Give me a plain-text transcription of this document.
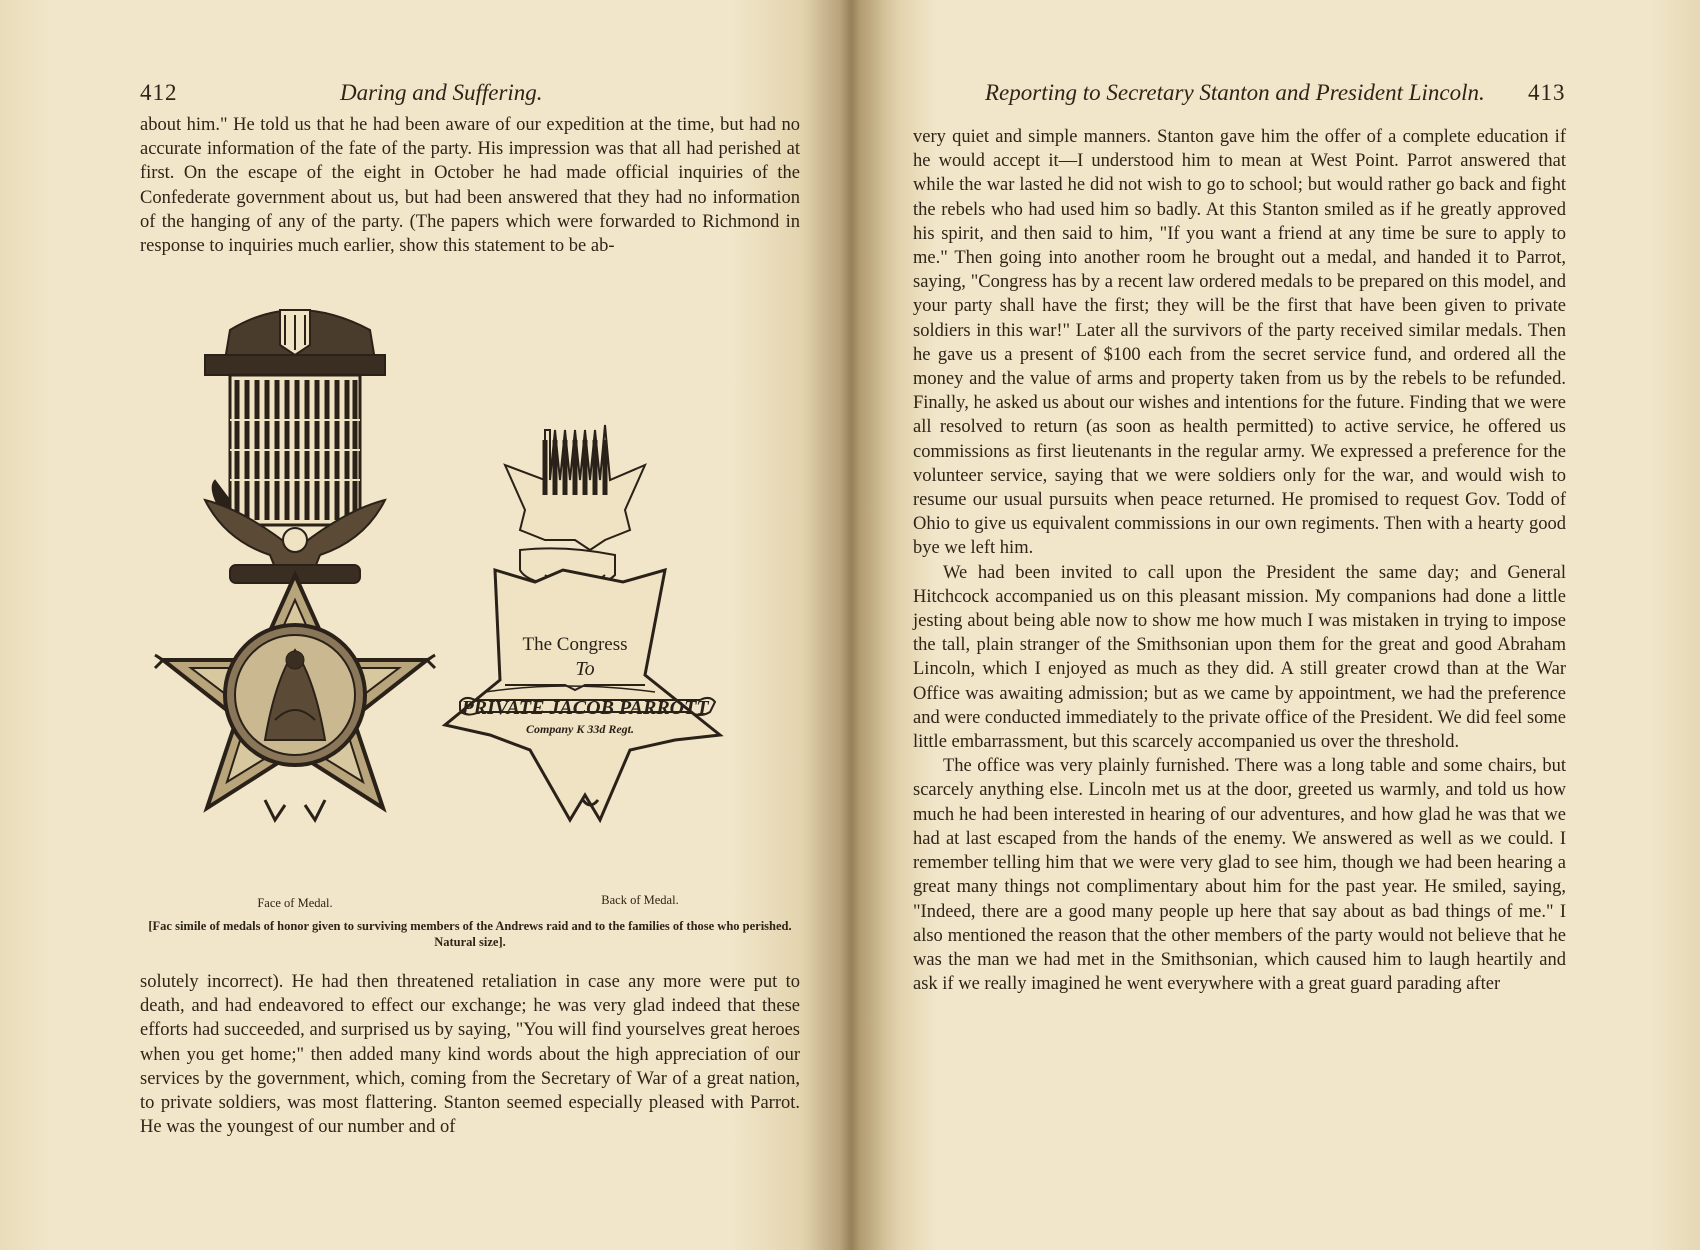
412	Daring and Suffering.

about him." He told us that he had been aware of our expedition at the time, but had no accurate information of the fate of the party. His impression was that all had perished at first. On the escape of the eight in October he had made official inquiries of the Confederate government about us, but had been answered that they had no information of the hanging of any of the party. (The papers which were forwarded to Richmond in response to inquiries much earlier, show this statement to be ab-

The Congress
To
PRIVATE JACOB PARROTT
Company K 33d Regt.
Face of Medal.	Back of Medal.
[Fac simile of medals of honor given to surviving members of the Andrews raid and to the families of those who perished. Natural size].

solutely incorrect). He had then threatened retaliation in case any more were put to death, and had endeavored to effect our exchange; he was very glad indeed that these efforts had succeeded, and surprised us by saying, "You will find yourselves great heroes when you get home;" then added many kind words about the high appreciation of our services by the government, which, coming from the Secretary of War of a great nation, to private soldiers, was most flattering. Stanton seemed especially pleased with Parrot. He was the youngest of our number and of

Reporting to Secretary Stanton and President Lincoln. 413

very quiet and simple manners. Stanton gave him the offer of a complete education if he would accept it—I understood him to mean at West Point. Parrot answered that while the war lasted he did not wish to go to school; but would rather go back and fight the rebels who had used him so badly. At this Stanton smiled as if he greatly approved his spirit, and then said to him, "If you want a friend at any time be sure to apply to me." Then going into another room he brought out a medal, and handed it to Parrot, saying, "Congress has by a recent law ordered medals to be prepared on this model, and your party shall have the first; they will be the first that have been given to private soldiers in this war!" Later all the survivors of the party received similar medals. Then he gave us a present of $100 each from the secret service fund, and ordered all the money and the value of arms and property taken from us by the rebels to be refunded. Finally, he asked us about our wishes and intentions for the future. Finding that we were all resolved to return (as soon as health permitted) to active service, he offered us commissions as first lieutenants in the regular army. We expressed a preference for the volunteer service, saying that we were soldiers only for the war, and would wish to resume our usual pursuits when peace returned. He promised to request Gov. Todd of Ohio to give us equivalent commissions in our own regiments. Then with a hearty good bye we left him.

We had been invited to call upon the President the same day; and General Hitchcock accompanied us on this pleasant mission. My companions had done a little jesting about being able now to show me how much I was mistaken in trying to impose the tall, plain stranger of the Smithsonian upon them for the great and good Abraham Lincoln, which I enjoyed as much as they did. A still greater crowd than at the War Office was awaiting admission; but as we came by appointment, we had the preference and were conducted immediately to the private office of the President. We did feel some little embarrassment, but this scarcely accompanied us over the threshold.

The office was very plainly furnished. There was a long table and some chairs, but scarcely anything else. Lincoln met us at the door, greeted us warmly, and told us how much he had been interested in hearing of our adventures, and how glad he was that we had at last escaped from the hands of the enemy. We answered as well as we could. I remember telling him that we were very glad to see him, though we had been hearing a great many things not complimentary about him for the past year. He smiled, saying, "Indeed, there are a good many people up here that say about as bad things of me." I also mentioned the reason that the other members of the party would not believe that he was the man we had met in the Smithsonian, which caused him to laugh heartily and ask if we really imagined he went everywhere with a great guard parading after
